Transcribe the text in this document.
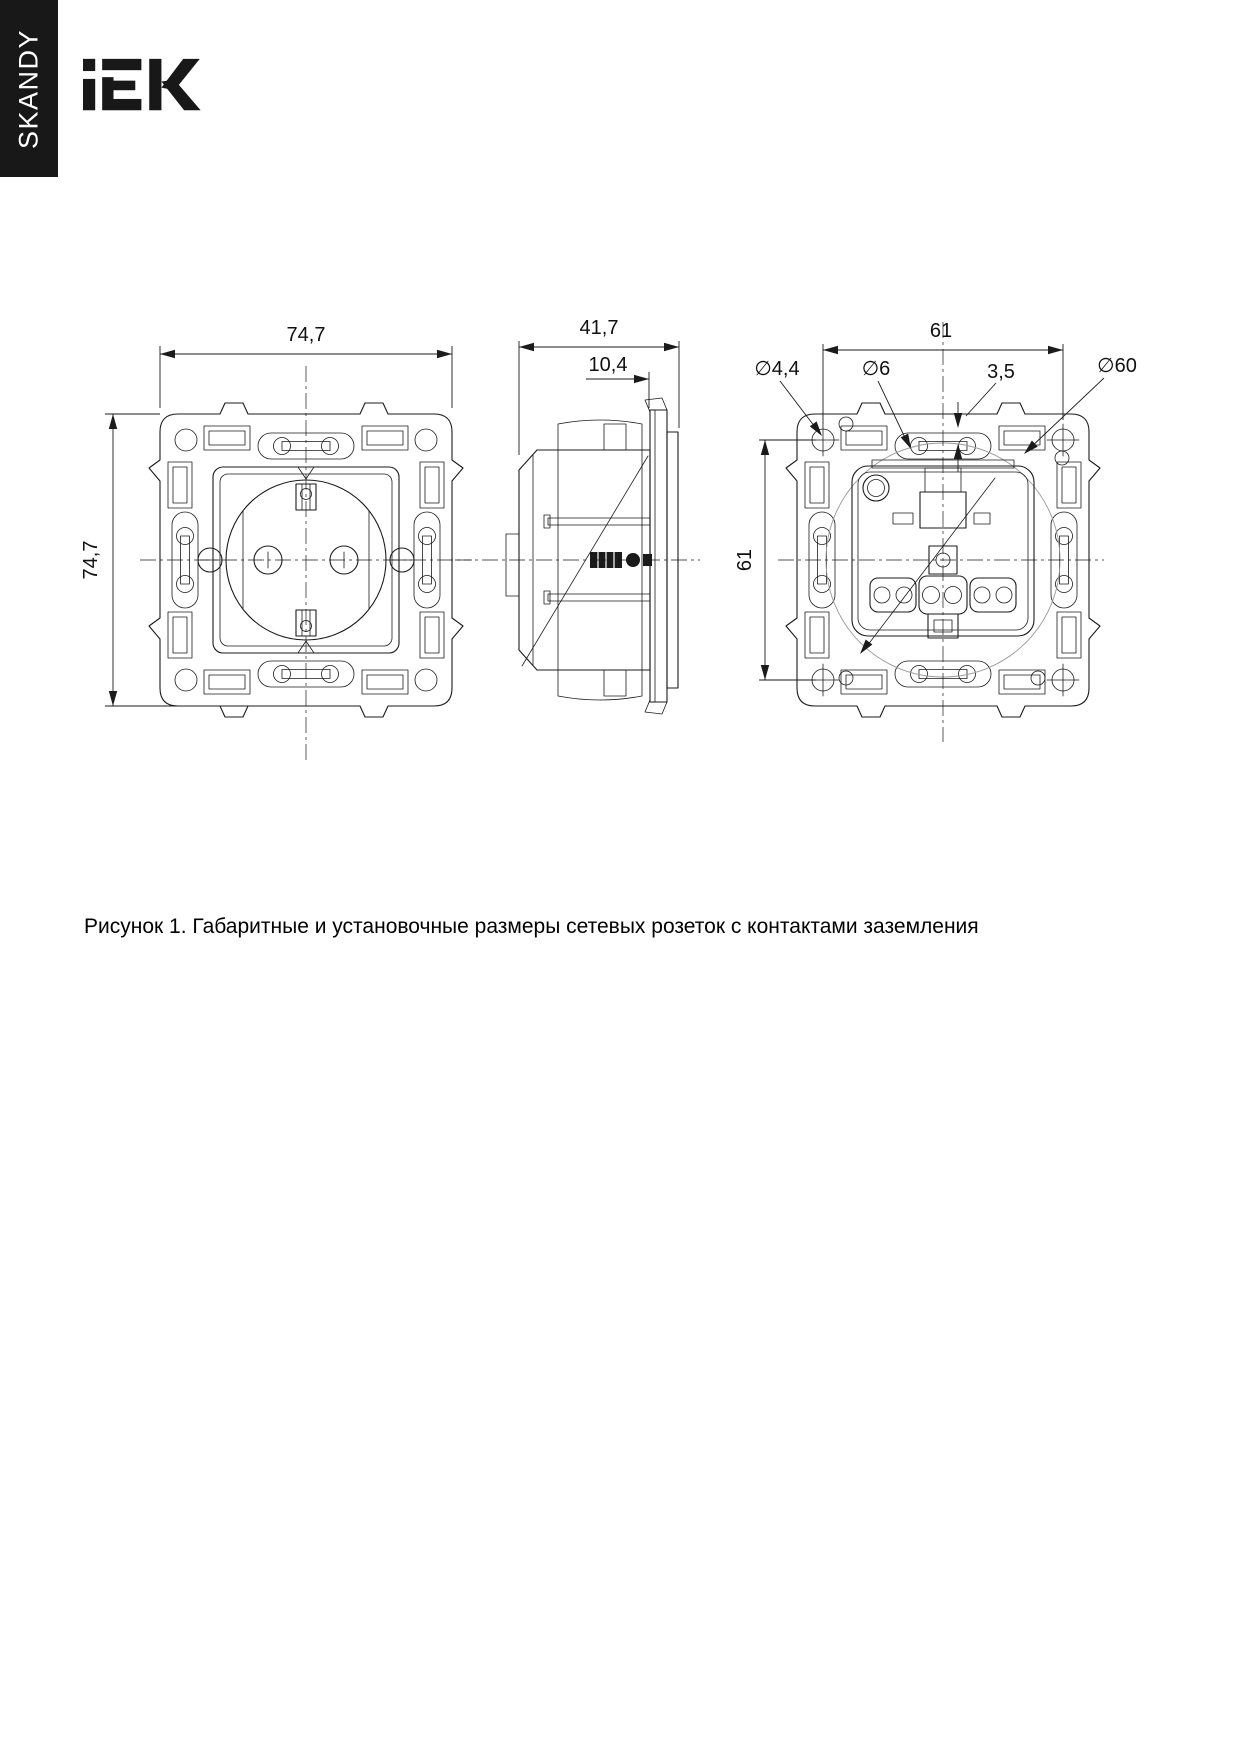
SKANDY
74,7
74,7
41,7
10,4
61
61
∅4,4	∅6	3,5	∅60
Рисунок 1. Габаритные и установочные размеры сетевых розеток с контактами заземления
